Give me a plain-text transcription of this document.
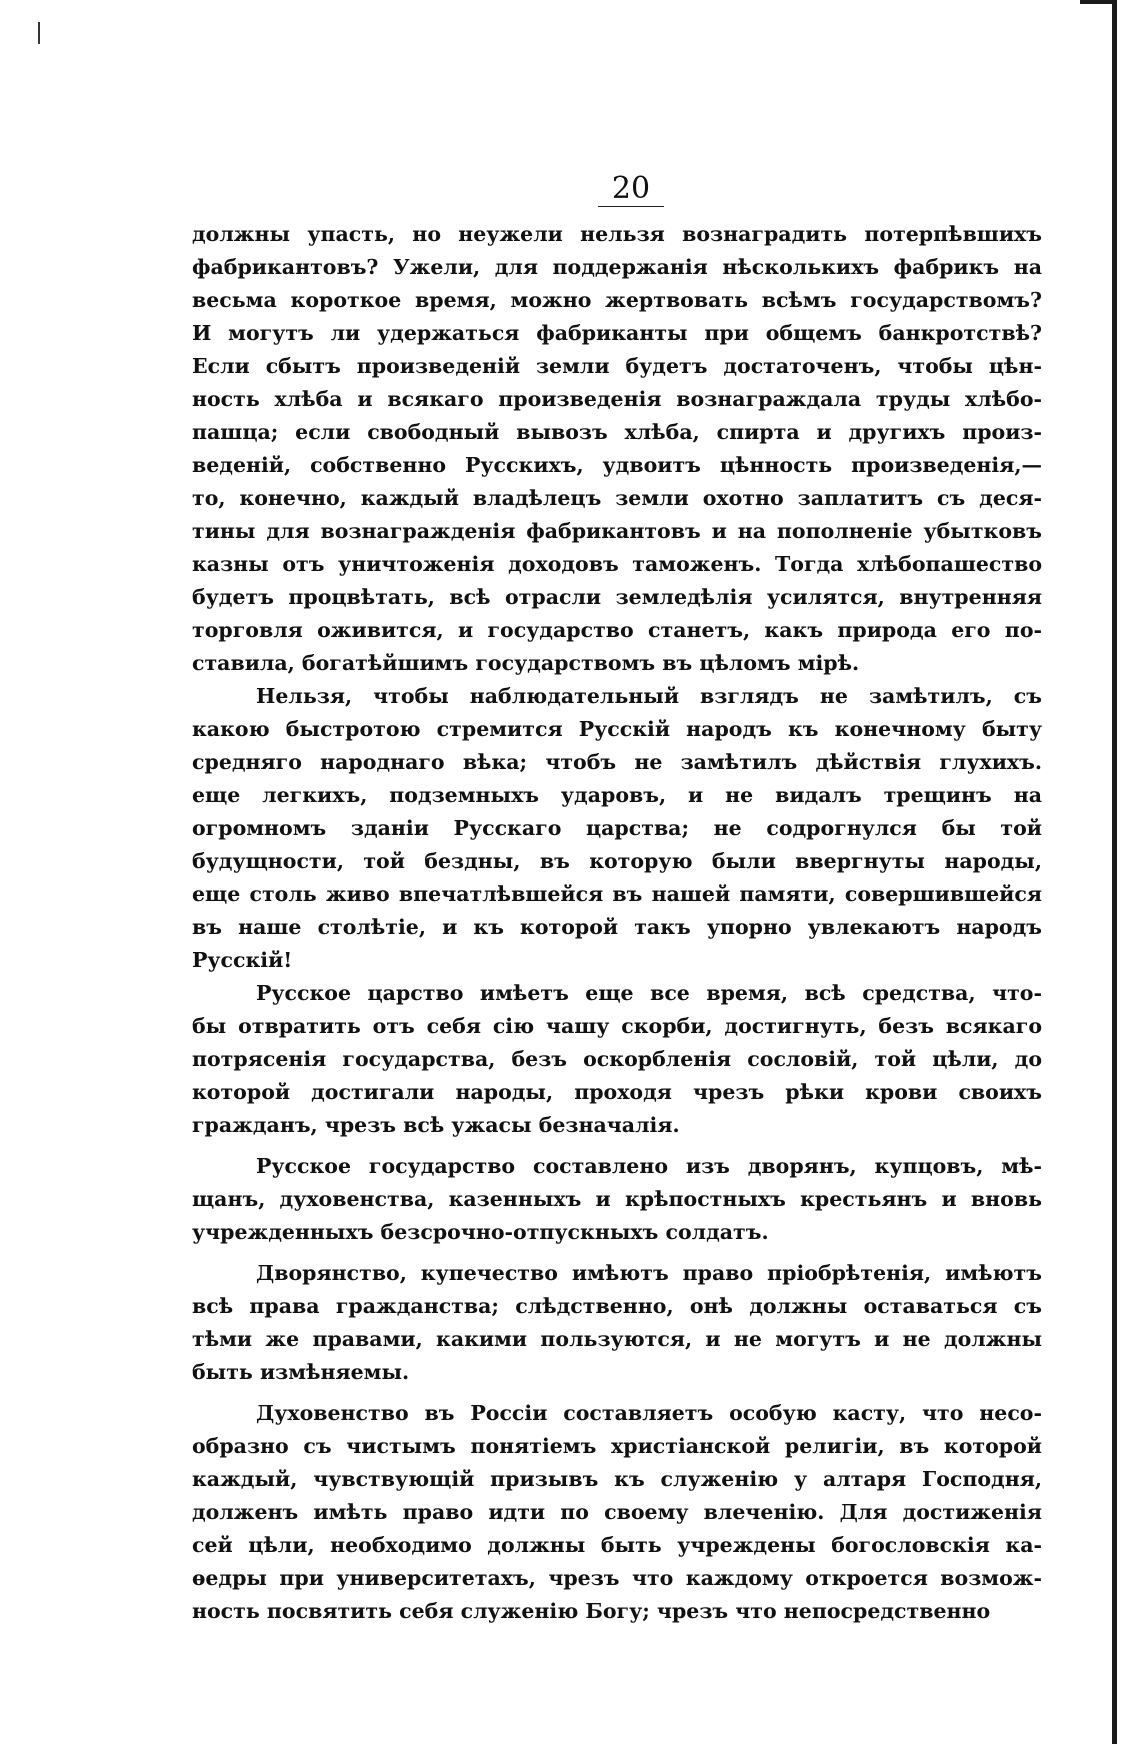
20
должны упасть, но неужели нельзя вознаградить потерпѣвшихъ
фабрикантовъ? Ужели, для поддержанія нѣсколькихъ фабрикъ на
весьма короткое время, можно жертвовать всѣмъ государствомъ?
И могутъ ли удержаться фабриканты при общемъ банкротствѣ?
Если сбытъ произведеній земли будетъ достаточенъ, чтобы цѣн-
ность хлѣба и всякаго произведенія вознаграждала труды хлѣбо-
пашца; если свободный вывозъ хлѣба, спирта и другихъ произ-
веденій, собственно Русскихъ, удвоитъ цѣнность произведенія,—
то, конечно, каждый владѣлецъ земли охотно заплатитъ съ деся-
тины для вознагражденія фабрикантовъ и на пополненіе убытковъ
казны отъ уничтоженія доходовъ таможенъ. Тогда хлѣбопашество
будетъ процвѣтать, всѣ отрасли земледѣлія усилятся, внутренняя
торговля оживится, и государство станетъ, какъ природа его по-
ставила, богатѣйшимъ государствомъ въ цѣломъ мірѣ.
Нельзя, чтобы наблюдательный взглядъ не замѣтилъ, съ
какою быстротою стремится Русскій народъ къ конечному быту
средняго народнаго вѣка; чтобъ не замѣтилъ дѣйствія глухихъ.
еще легкихъ, подземныхъ ударовъ, и не видалъ трещинъ на
огромномъ зданіи Русскаго царства; не содрогнулся бы той
будущности, той бездны, въ которую были ввергнуты народы,
еще столь живо впечатлѣвшейся въ нашей памяти, совершившейся
въ наше столѣтіе, и къ которой такъ упорно увлекаютъ народъ
Русскій!
Русское царство имѣетъ еще все время, всѣ средства, что-
бы отвратить отъ себя сію чашу скорби, достигнуть, безъ всякаго
потрясенія государства, безъ оскорбленія сословій, той цѣли, до
которой достигали народы, проходя чрезъ рѣки крови своихъ
гражданъ, чрезъ всѣ ужасы безначалія.
Русское государство составлено изъ дворянъ, купцовъ, мѣ-
щанъ, духовенства, казенныхъ и крѣпостныхъ крестьянъ и вновь
учрежденныхъ безсрочно-отпускныхъ солдатъ.
Дворянство, купечество имѣютъ право пріобрѣтенія, имѣютъ
всѣ права гражданства; слѣдственно, онѣ должны оставаться съ
тѣми же правами, какими пользуются, и не могутъ и не должны
быть измѣняемы.
Духовенство въ Россіи составляетъ особую касту, что несо-
образно съ чистымъ понятіемъ христіанской религіи, въ которой
каждый, чувствующій призывъ къ служенію у алтаря Господня,
долженъ имѣть право идти по своему влеченію. Для достиженія
сей цѣли, необходимо должны быть учреждены богословскія ка-
ѳедры при университетахъ, чрезъ что каждому откроется возмож-
ность посвятить себя служенію Богу; чрезъ что непосредственно
